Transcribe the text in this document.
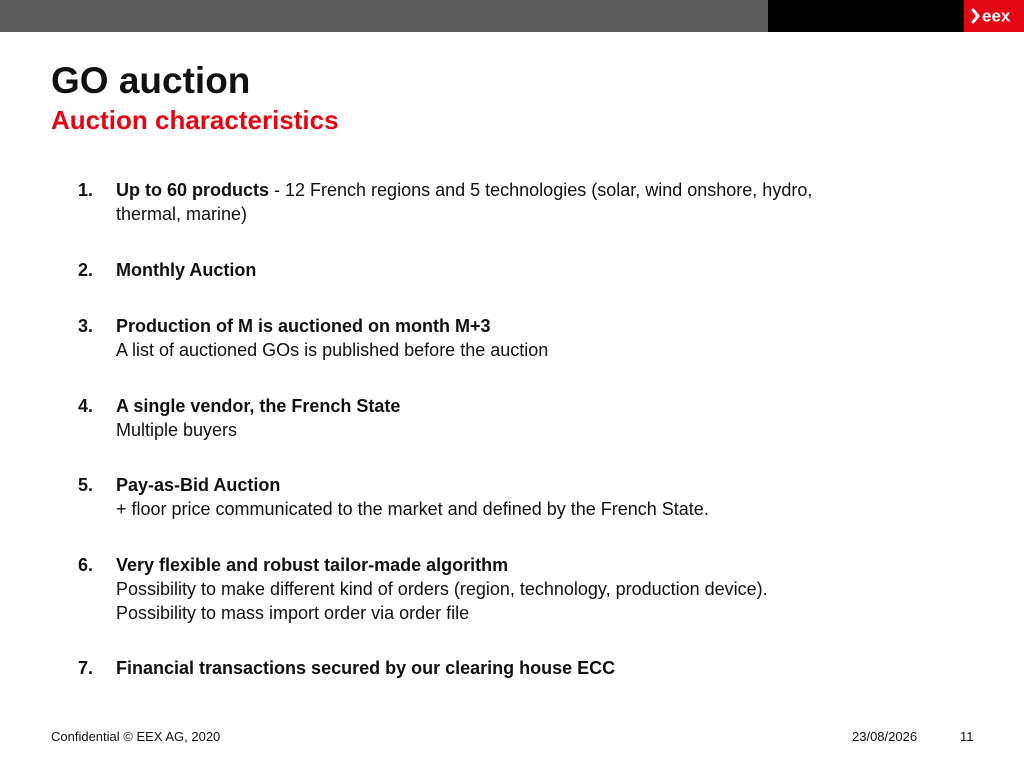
eex
GO auction
Auction characteristics
1. Up to 60 products - 12 French regions and 5 technologies (solar, wind onshore, hydro,
thermal, marine)
2. Monthly Auction
3. Production of M is auctioned on month M+3
A list of auctioned GOs is published before the auction
4. A single vendor, the French State
Multiple buyers
5. Pay-as-Bid Auction
+ floor price communicated to the market and defined by the French State.
6. Very flexible and robust tailor-made algorithm
Possibility to make different kind of orders (region, technology, production device).
Possibility to mass import order via order file
7. Financial transactions secured by our clearing house ECC
Confidential © EEX AG, 2020	23/08/2026	11
